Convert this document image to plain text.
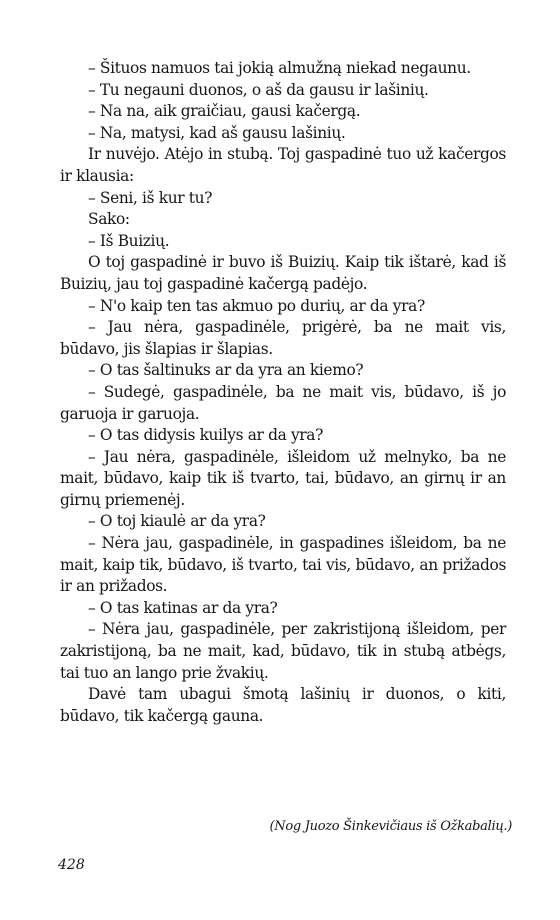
– Šituos namuos tai jokią almužną niekad negaunu.

– Tu negauni duonos, o aš da gausu ir lašinių.

– Na na, aik graičiau, gausi kačergą.

– Na, matysi, kad aš gausu lašinių.

Ir nuvėjo. Atėjo in stubą. Toj gaspadinė tuo už kačergos ir klausia:

– Seni, iš kur tu?

Sako:

– Iš Buizių.

O toj gaspadinė ir buvo iš Buizių. Kaip tik ištarė, kad iš Buizių, jau toj gaspadinė kačergą padėjo.

– N'o kaip ten tas akmuo po durių, ar da yra?

– Jau nėra, gaspadinėle, prigėrė, ba ne mait vis, būdavo, jis šlapias ir šlapias.

– O tas šaltinuks ar da yra an kiemo?

– Sudegė, gaspadinėle, ba ne mait vis, būdavo, iš jo garuoja ir garuoja.

– O tas didysis kuilys ar da yra?

– Jau nėra, gaspadinėle, išleidom už melnyko, ba ne mait, būdavo, kaip tik iš tvarto, tai, būdavo, an girnų ir an girnų priemenėj.

– O toj kiaulė ar da yra?

– Nėra jau, gaspadinėle, in gaspadines išleidom, ba ne mait, kaip tik, būdavo, iš tvarto, tai vis, būdavo, an prižados ir an prižados.

– O tas katinas ar da yra?

– Nėra jau, gaspadinėle, per zakristijoną išleidom, per zakristijoną, ba ne mait, kad, būdavo, tik in stubą atbėgs, tai tuo an lango prie žvakių.

Davė tam ubagui šmotą lašinių ir duonos, o kiti, būdavo, tik kačergą gauna.

(Nog Juozo Šinkevičiaus iš Ožkabalių.)
428
